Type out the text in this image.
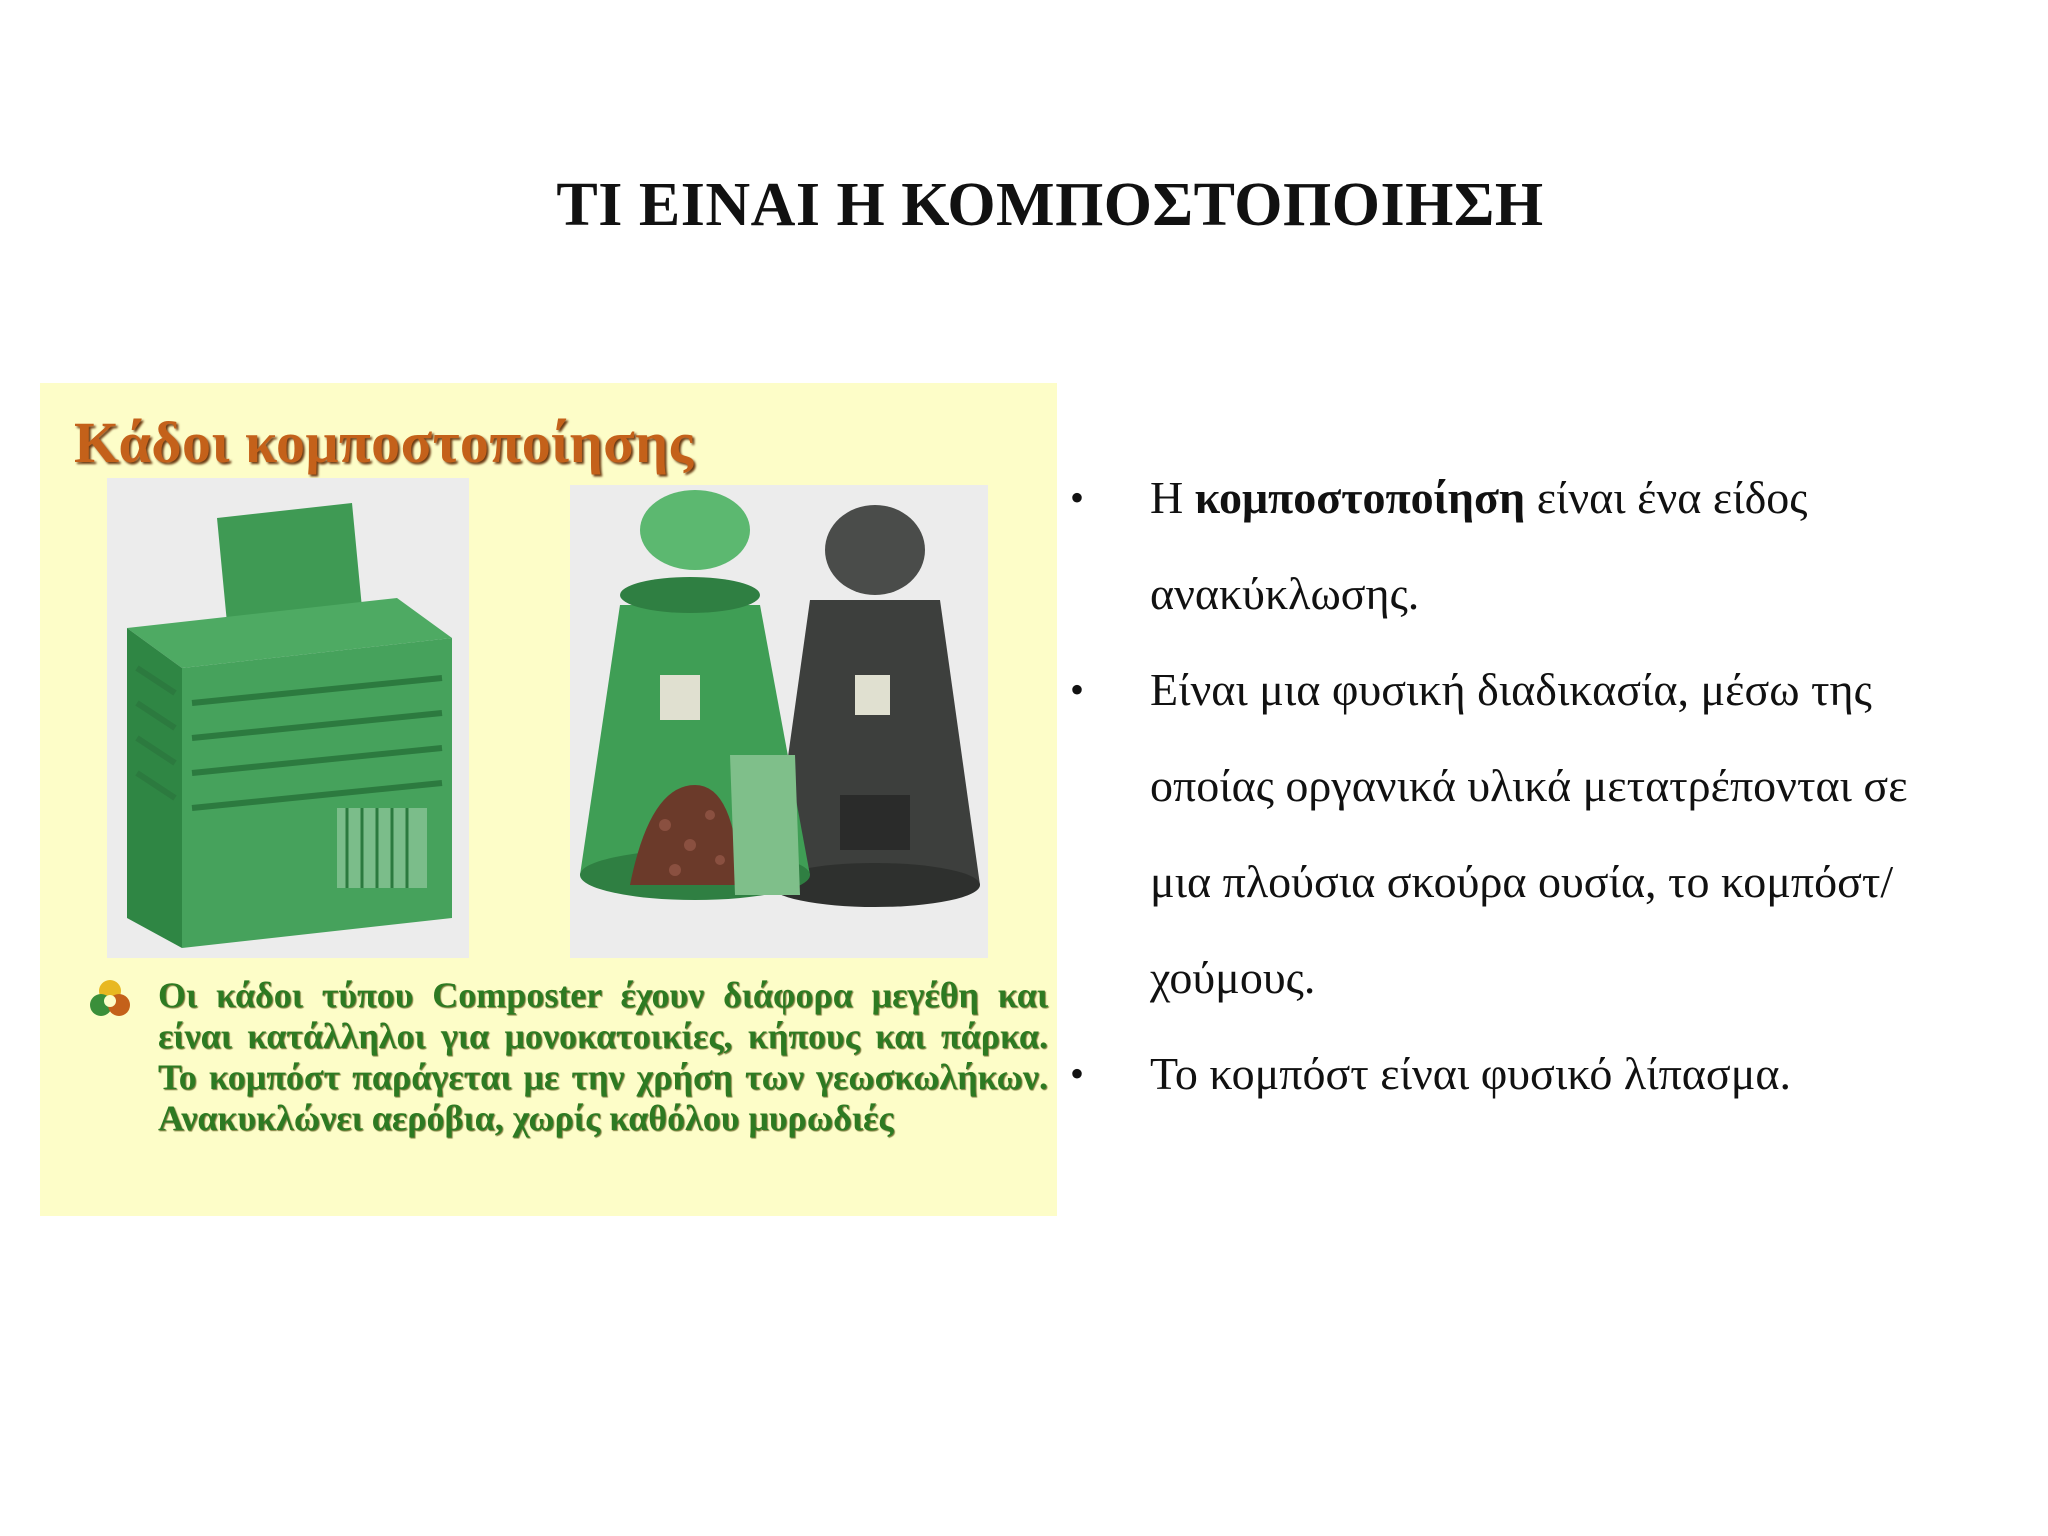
ΤΙ ΕΙΝΑΙ Η ΚΟΜΠΟΣΤΟΠΟΙΗΣΗ
Κάδοι κομποστοποίησης
Οι κάδοι τύπου Composter έχουν διάφορα μεγέθη και είναι κατάλληλοι για μονοκατοικίες, κήπους και πάρκα. Το κομπόστ παράγεται με την χρήση των γεωσκωλήκων. Ανακυκλώνει αερόβια, χωρίς καθόλου μυρωδιές
•	Η κομποστοποίηση είναι ένα είδος ανακύκλωσης.
•	Είναι μια φυσική διαδικασία, μέσω της οποίας οργανικά υλικά μετατρέπονται σε μια πλούσια σκούρα ουσία, το κομπόστ/ χούμους.
•	Το κομπόστ είναι φυσικό λίπασμα.
